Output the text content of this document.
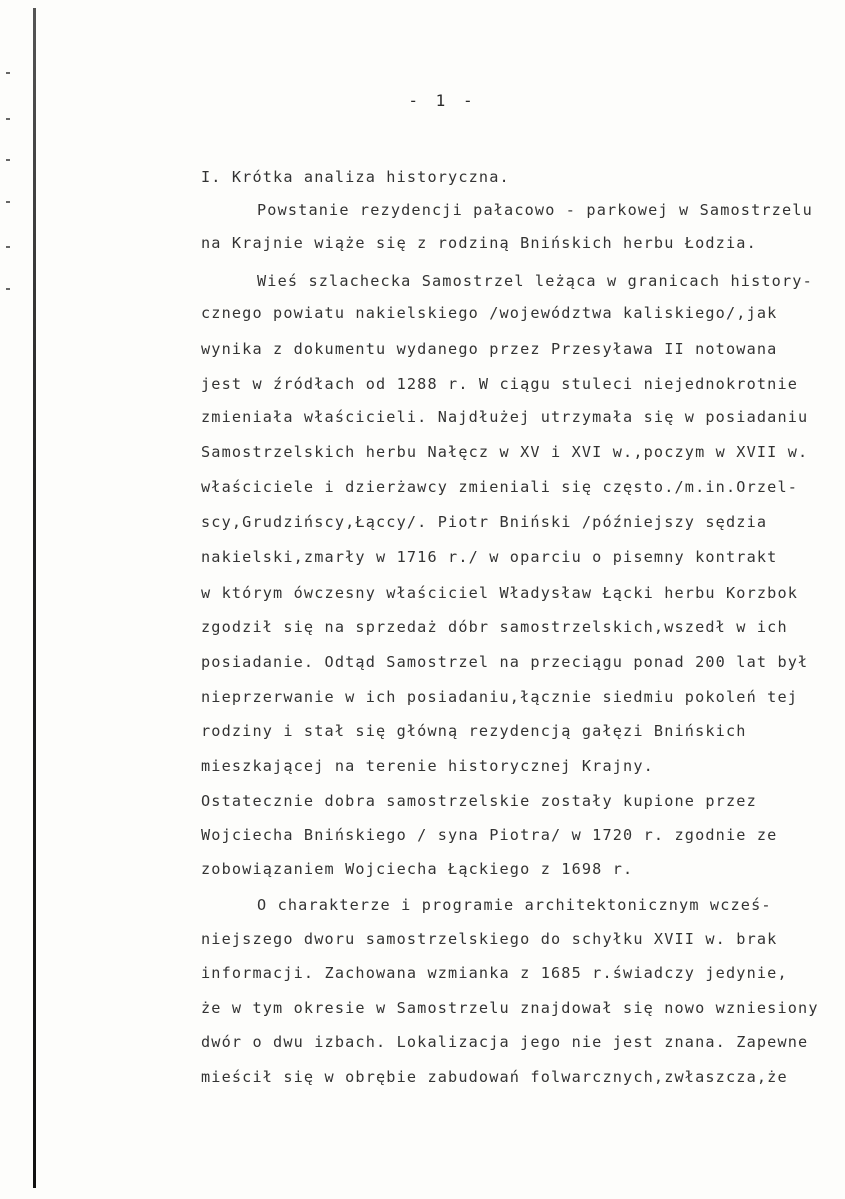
- 1 -
I. Krótka analiza historyczna.
Powstanie rezydencji pałacowo - parkowej w Samostrzelu
na Krajnie wiąże się z rodziną Bnińskich herbu Łodzia.
Wieś szlachecka Samostrzel leżąca w granicach history-
cznego powiatu nakielskiego /województwa kaliskiego/,jak
wynika z dokumentu wydanego przez Przesyława II notowana
jest w źródłach od 1288 r. W ciągu stuleci niejednokrotnie
zmieniała właścicieli. Najdłużej utrzymała się w posiadaniu
Samostrzelskich herbu Nałęcz w XV i XVI w.,poczym w XVII w.
właściciele i dzierżawcy zmieniali się często./m.in.Orzel-
scy,Grudzińscy,Łąccy/. Piotr Bniński /późniejszy sędzia
nakielski,zmarły w 1716 r./ w oparciu o pisemny kontrakt
w którym ówczesny właściciel Władysław Łącki herbu Korzbok
zgodził się na sprzedaż dóbr samostrzelskich,wszedł w ich
posiadanie. Odtąd Samostrzel na przeciągu ponad 200 lat był
nieprzerwanie w ich posiadaniu,łącznie siedmiu pokoleń tej
rodziny i stał się główną rezydencją gałęzi Bnińskich
mieszkającej na terenie historycznej Krajny.
Ostatecznie dobra samostrzelskie zostały kupione przez
Wojciecha Bnińskiego / syna Piotra/ w 1720 r. zgodnie ze
zobowiązaniem Wojciecha Łąckiego z 1698 r.
O charakterze i programie architektonicznym wcześ-
niejszego dworu samostrzelskiego do schyłku XVII w. brak
informacji. Zachowana wzmianka z 1685 r.świadczy jedynie,
że w tym okresie w Samostrzelu znajdował się nowo wzniesiony
dwór o dwu izbach. Lokalizacja jego nie jest znana. Zapewne
mieścił się w obrębie zabudowań folwarcznych,zwłaszcza,że
